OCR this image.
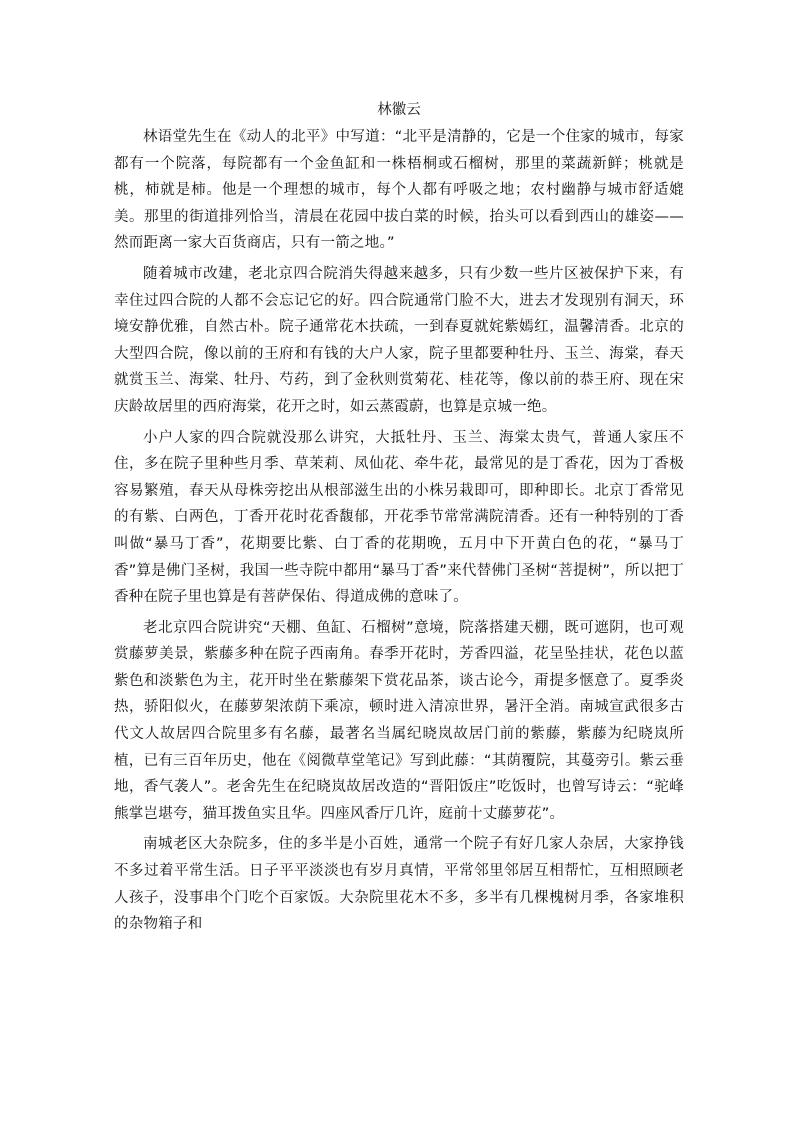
林徽云

林语堂先生在《动人的北平》中写道：“北平是清静的，它是一个住家的城市，每家都有一个院落，每院都有一个金鱼缸和一株梧桐或石榴树，那里的菜蔬新鲜；桃就是桃，柿就是柿。他是一个理想的城市，每个人都有呼吸之地；农村幽静与城市舒适媲美。那里的街道排列恰当，清晨在花园中拔白菜的时候，抬头可以看到西山的雄姿——然而距离一家大百货商店，只有一箭之地。”

随着城市改建，老北京四合院消失得越来越多，只有少数一些片区被保护下来，有幸住过四合院的人都不会忘记它的好。四合院通常门脸不大，进去才发现别有洞天，环境安静优雅，自然古朴。院子通常花木扶疏，一到春夏就姹紫嫣红，温馨清香。北京的大型四合院，像以前的王府和有钱的大户人家，院子里都要种牡丹、玉兰、海棠，春天就赏玉兰、海棠、牡丹、芍药，到了金秋则赏菊花、桂花等，像以前的恭王府、现在宋庆龄故居里的西府海棠，花开之时，如云蒸霞蔚，也算是京城一绝。

小户人家的四合院就没那么讲究，大抵牡丹、玉兰、海棠太贵气，普通人家压不住，多在院子里种些月季、草茉莉、凤仙花、牵牛花，最常见的是丁香花，因为丁香极容易繁殖，春天从母株旁挖出从根部滋生出的小株另栽即可，即种即长。北京丁香常见的有紫、白两色，丁香开花时花香馥郁，开花季节常常满院清香。还有一种特别的丁香叫做“暴马丁香”，花期要比紫、白丁香的花期晚，五月中下开黄白色的花，“暴马丁香”算是佛门圣树，我国一些寺院中都用“暴马丁香”来代替佛门圣树“菩提树”，所以把丁香种在院子里也算是有菩萨保佑、得道成佛的意味了。

老北京四合院讲究“天棚、鱼缸、石榴树”意境，院落搭建天棚，既可遮阴，也可观赏藤萝美景，紫藤多种在院子西南角。春季开花时，芳香四溢，花呈坠挂状，花色以蓝紫色和淡紫色为主，花开时坐在紫藤架下赏花品茶，谈古论今，甭提多惬意了。夏季炎热，骄阳似火，在藤萝架浓荫下乘凉，顿时进入清凉世界，暑汗全消。南城宣武很多古代文人故居四合院里多有名藤，最著名当属纪晓岚故居门前的紫藤，紫藤为纪晓岚所植，已有三百年历史，他在《阅微草堂笔记》写到此藤：“其荫覆院，其蔓旁引。紫云垂地，香气袭人”。老舍先生在纪晓岚故居改造的“晋阳饭庄”吃饭时，也曾写诗云：“驼峰熊掌岂堪夸，猫耳拨鱼实且华。四座风香厅几许，庭前十丈藤萝花”。

南城老区大杂院多，住的多半是小百姓，通常一个院子有好几家人杂居，大家挣钱不多过着平常生活。日子平平淡淡也有岁月真情，平常邻里邻居互相帮忙，互相照顾老人孩子，没事串个门吃个百家饭。大杂院里花木不多，多半有几棵槐树月季，各家堆积的杂物箱子和
